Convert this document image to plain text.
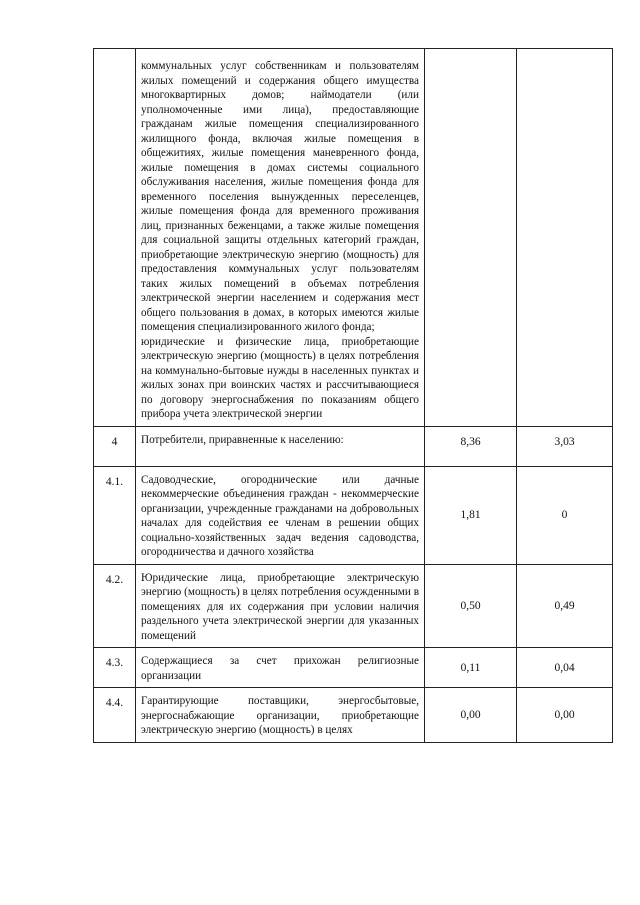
	коммунальных услуг собственникам и пользователям жилых помещений и содержания общего имущества многоквартирных домов; наймодатели (или уполномоченные ими лица), предоставляющие гражданам жилые помещения специализированного жилищного фонда, включая жилые помещения в общежитиях, жилые помещения маневренного фонда, жилые помещения в домах системы социального обслуживания населения, жилые помещения фонда для временного поселения вынужденных переселенцев, жилые помещения фонда для временного проживания лиц, признанных беженцами, а также жилые помещения для социальной защиты отдельных категорий граждан, приобретающие электрическую энергию (мощность) для предоставления коммунальных услуг пользователям таких жилых помещений в объемах потребления электрической энергии населением и содержания мест общего пользования в домах, в которых имеются жилые помещения специализированного жилого фонда;

юридические и физические лица, приобретающие электрическую энергию (мощность) в целях потребления на коммунально-бытовые нужды в населенных пунктах и жилых зонах при воинских частях и рассчитывающиеся по договору энергоснабжения по показаниям общего прибора учета электрической энергии		

4	Потребители, приравненные к населению:	8,36	3,03
4.1.	Садоводческие, огороднические или дачные некоммерческие объединения граждан - некоммерческие организации, учрежденные гражданами на добровольных началах для содействия ее членам в решении общих социально-хозяйственных задач ведения садоводства, огородничества и дачного хозяйства	1,81	0
4.2.	Юридические лица, приобретающие электрическую энергию (мощность) в целях потребления осужденными в помещениях для их содержания при условии наличия раздельного учета электрической энергии для указанных помещений	0,50	0,49
4.3.	Содержащиеся за счет прихожан религиозные организации	0,11	0,04
4.4.	Гарантирующие поставщики, энергосбытовые, энергоснабжающие организации, приобретающие электрическую энергию (мощность) в целях	0,00	0,00
